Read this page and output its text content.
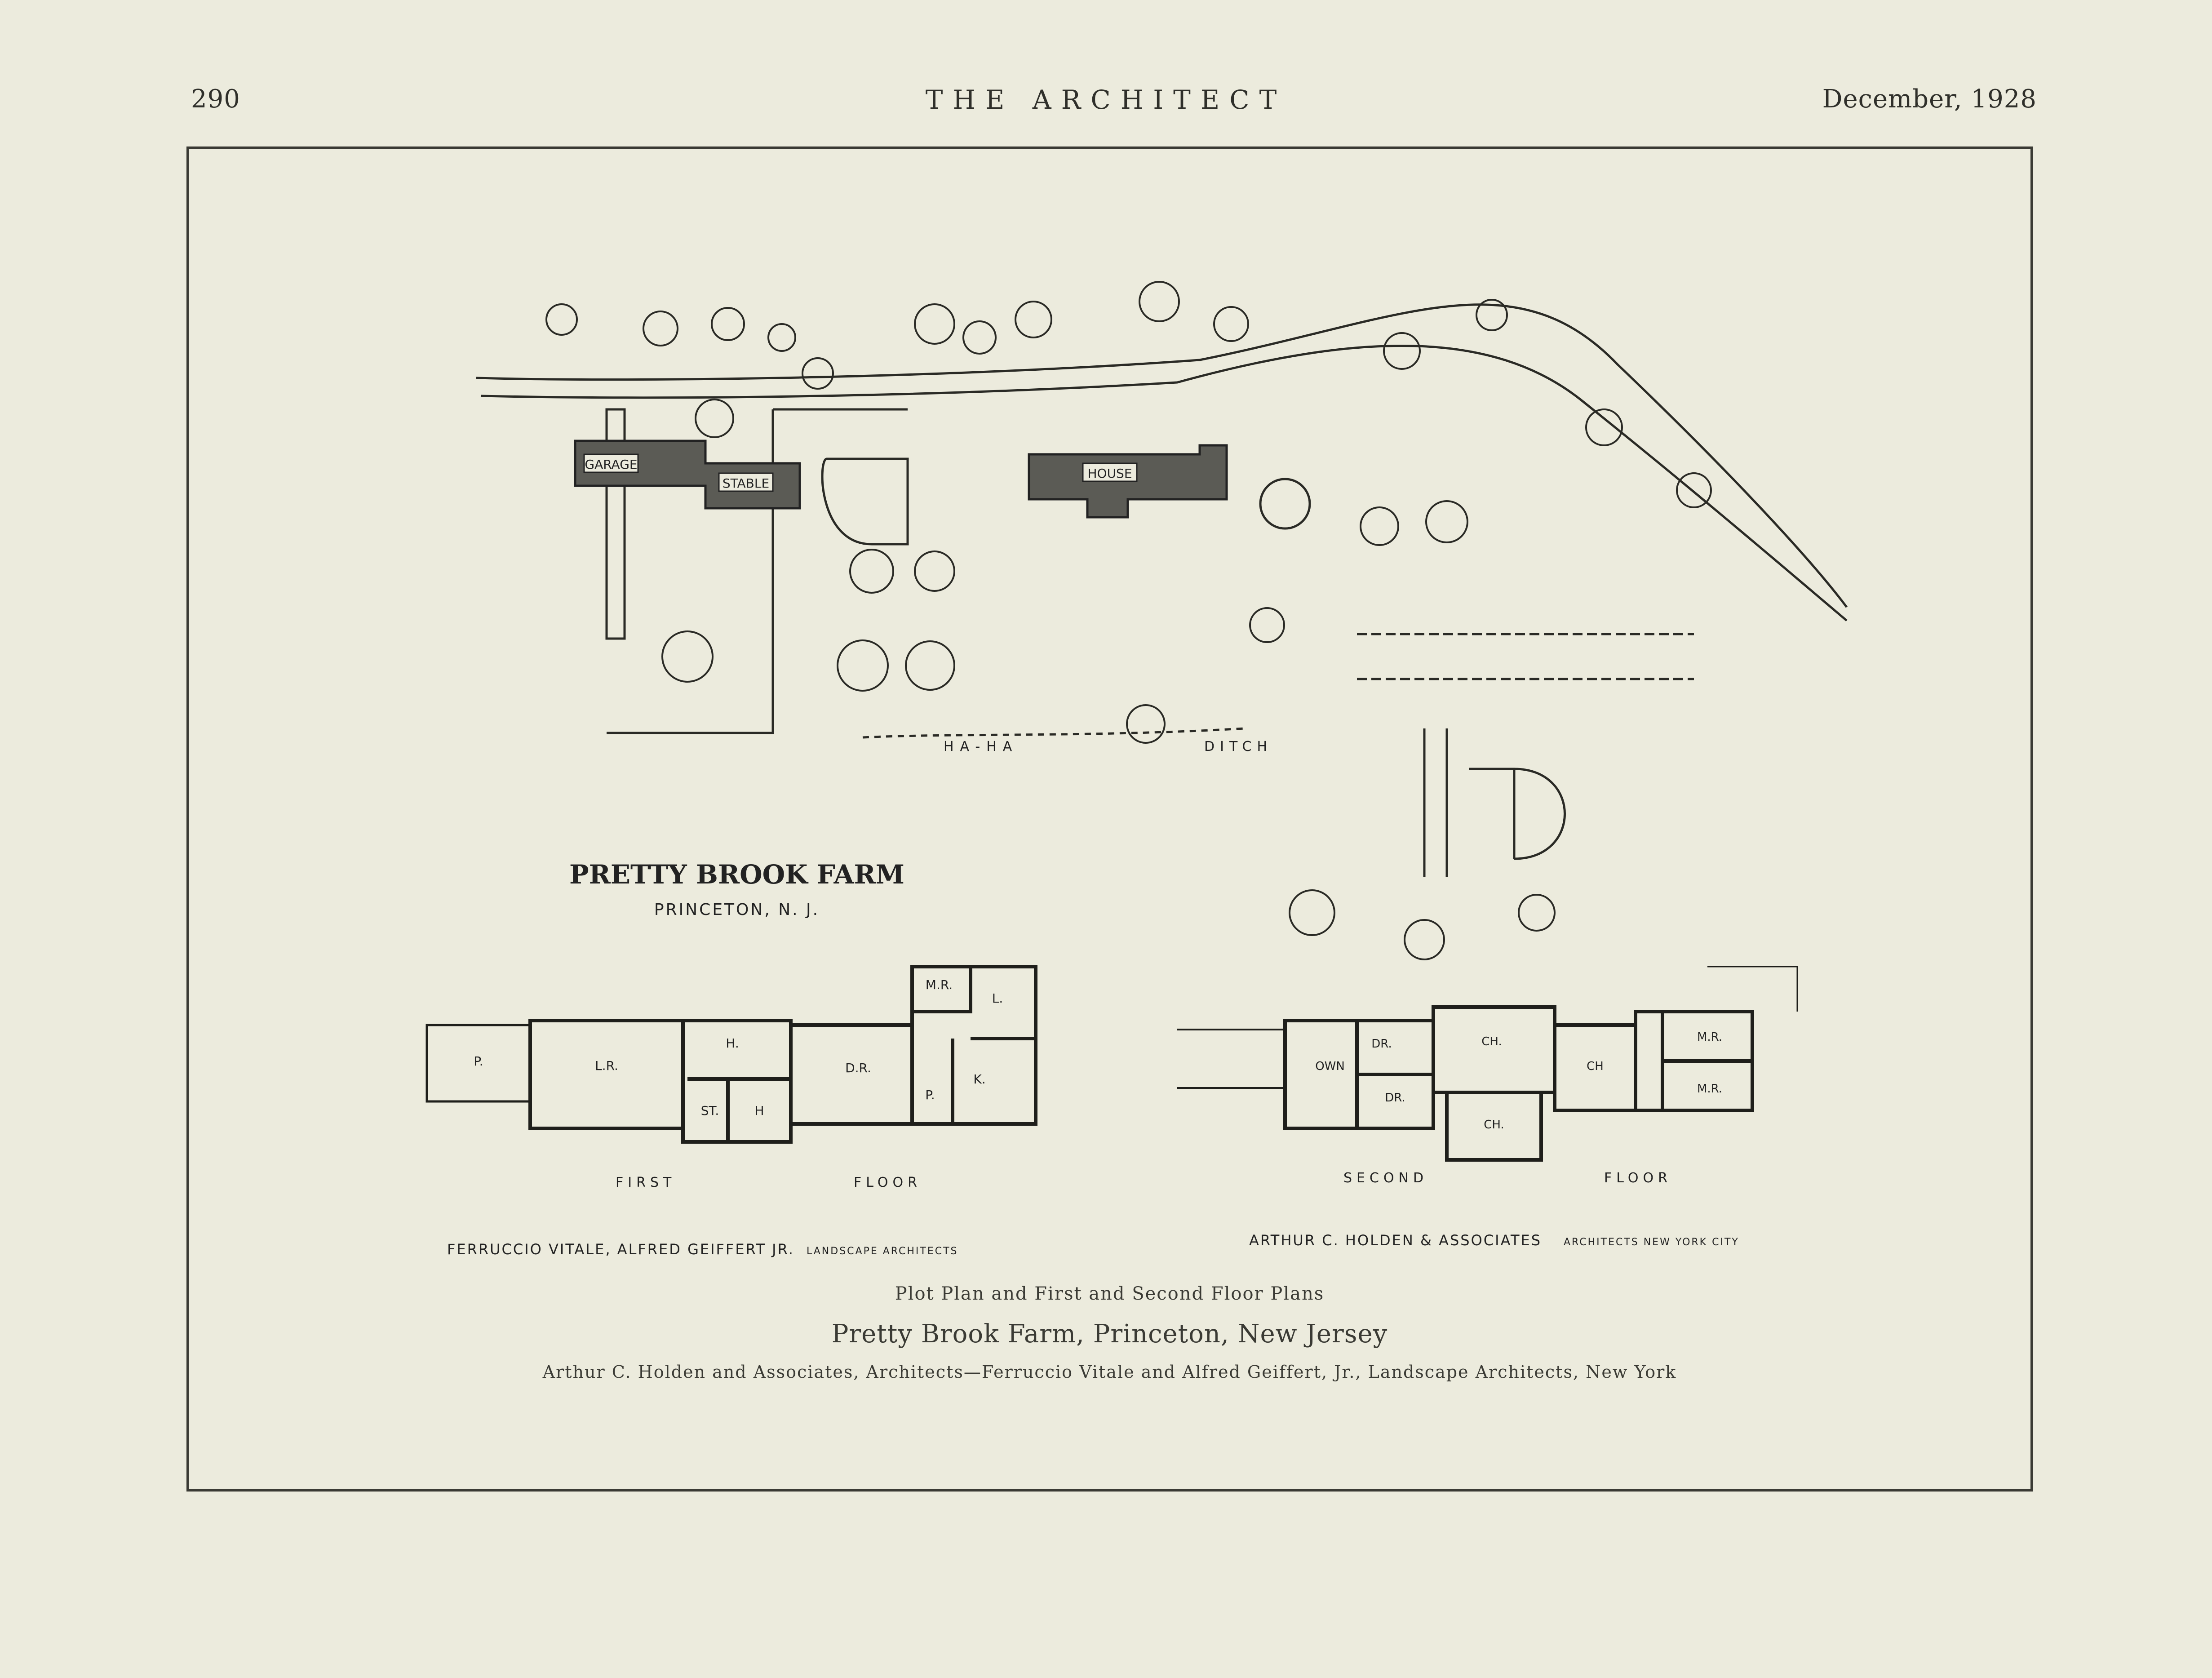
290	THE ARCHITECT	December, 1928
GARAGE
STABLE
HOUSE
HA-HA	DITCH
PRETTY BROOK FARM
PRINCETON, N. J.
P.	L.R.
H.
ST.	H
D.R.
M.R.
L.
P.
K.
FIRST	FLOOR
OWN
DR.
DR.
CH.
CH.
CH
M.R.
M.R.
SECOND	FLOOR
FERRUCCIO VITALE, ALFRED GEIFFERT JR. LANDSCAPE ARCHITECTS
ARTHUR C. HOLDEN & ASSOCIATES ARCHITECTS NEW YORK CITY
Plot Plan and First and Second Floor Plans
Pretty Brook Farm, Princeton, New Jersey
Arthur C. Holden and Associates, Architects—Ferruccio Vitale and Alfred Geiffert, Jr., Landscape Architects, New York
